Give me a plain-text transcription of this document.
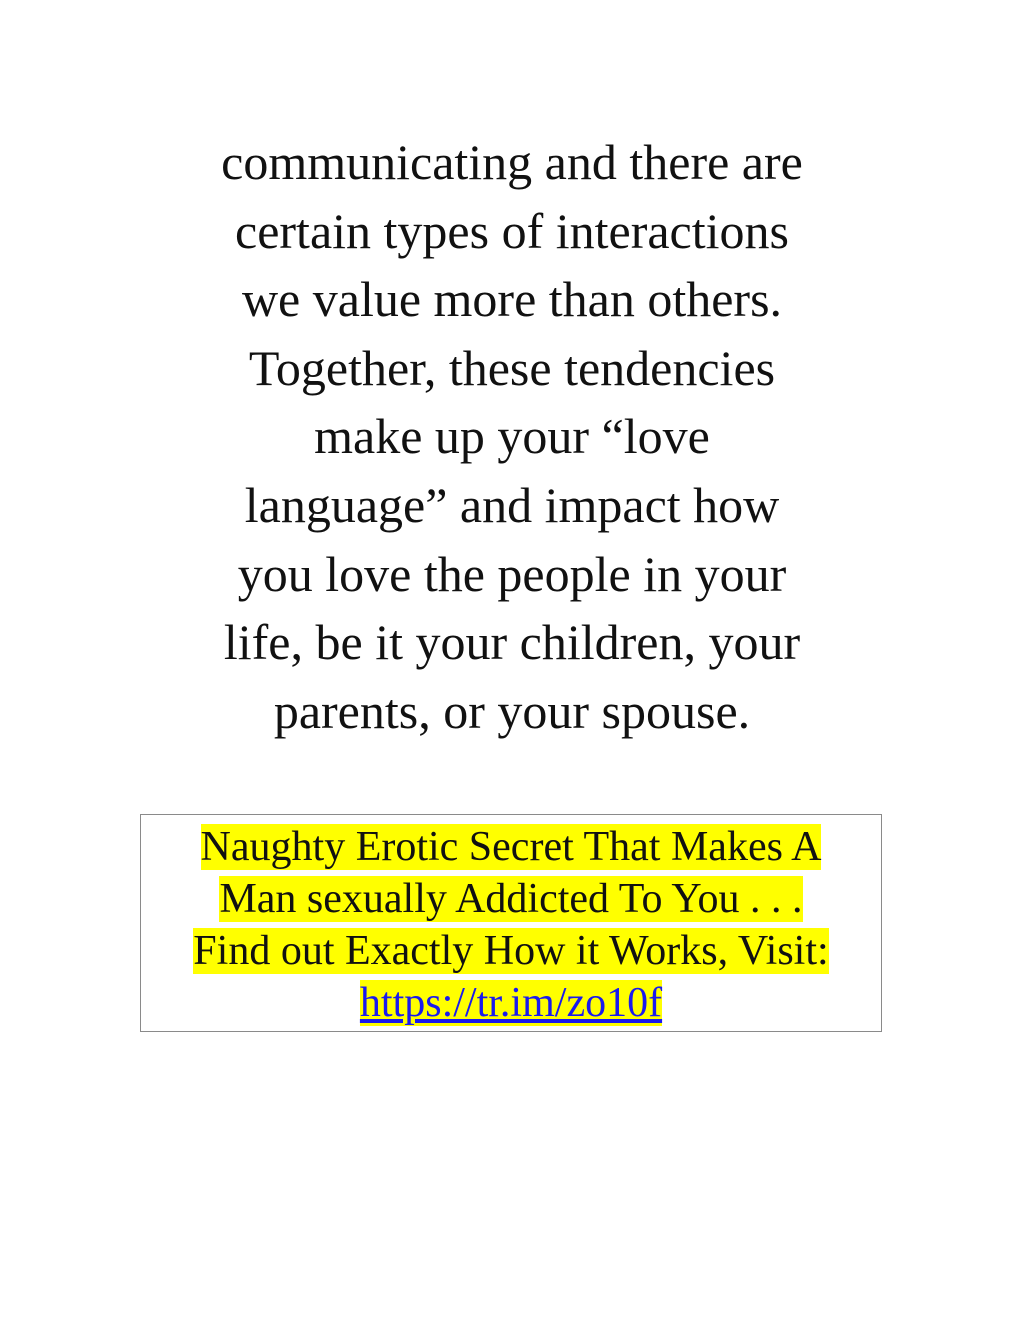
communicating and there are
certain types of interactions
we value more than others.
Together, these tendencies
make up your “love
language” and impact how
you love the people in your
life, be it your children, your
parents, or your spouse.
Naughty Erotic Secret That Makes A
Man sexually Addicted To You . . .
Find out Exactly How it Works, Visit:
https://tr.im/zo10f
